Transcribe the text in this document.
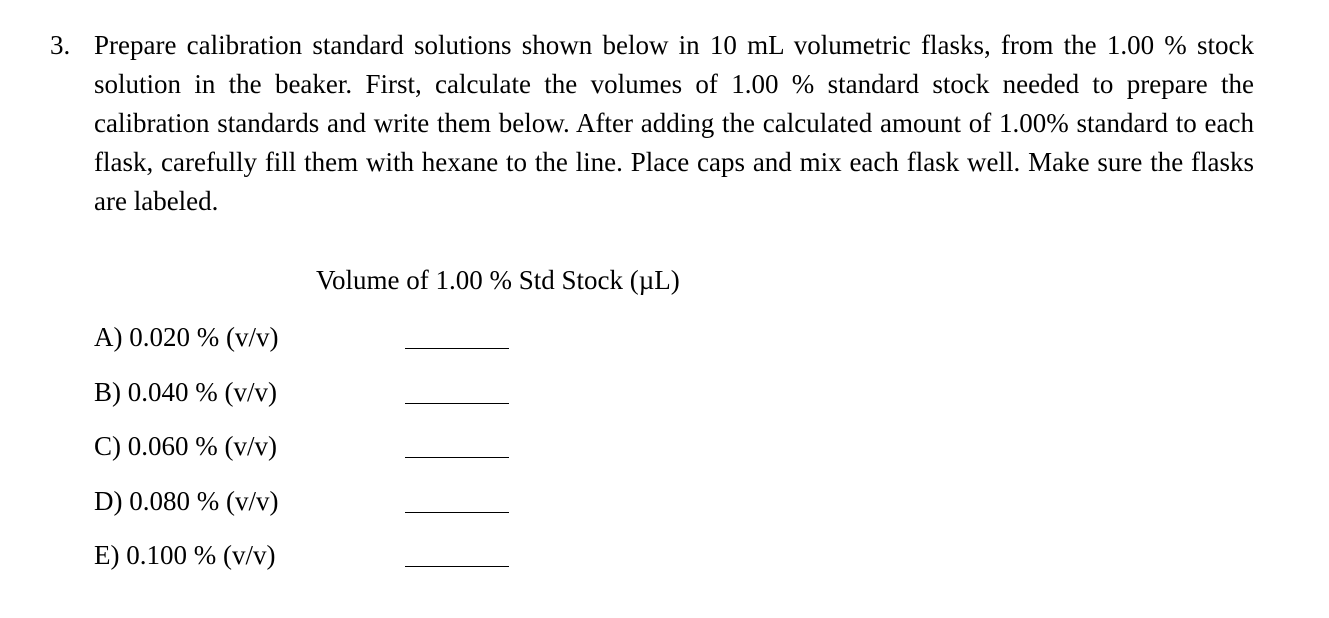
3. Prepare calibration standard solutions shown below in 10 mL volumetric flasks, from the 1.00 % stock solution in the beaker. First, calculate the volumes of 1.00 % standard stock needed to prepare the calibration standards and write them below. After adding the calculated amount of 1.00% standard to each flask, carefully fill them with hexane to the line. Place caps and mix each flask well. Make sure the flasks are labeled.
Volume of 1.00 % Std Stock (µL)
A) 0.020 % (v/v)
B) 0.040 % (v/v)
C) 0.060 % (v/v)
D) 0.080 % (v/v)
E) 0.100 % (v/v)
